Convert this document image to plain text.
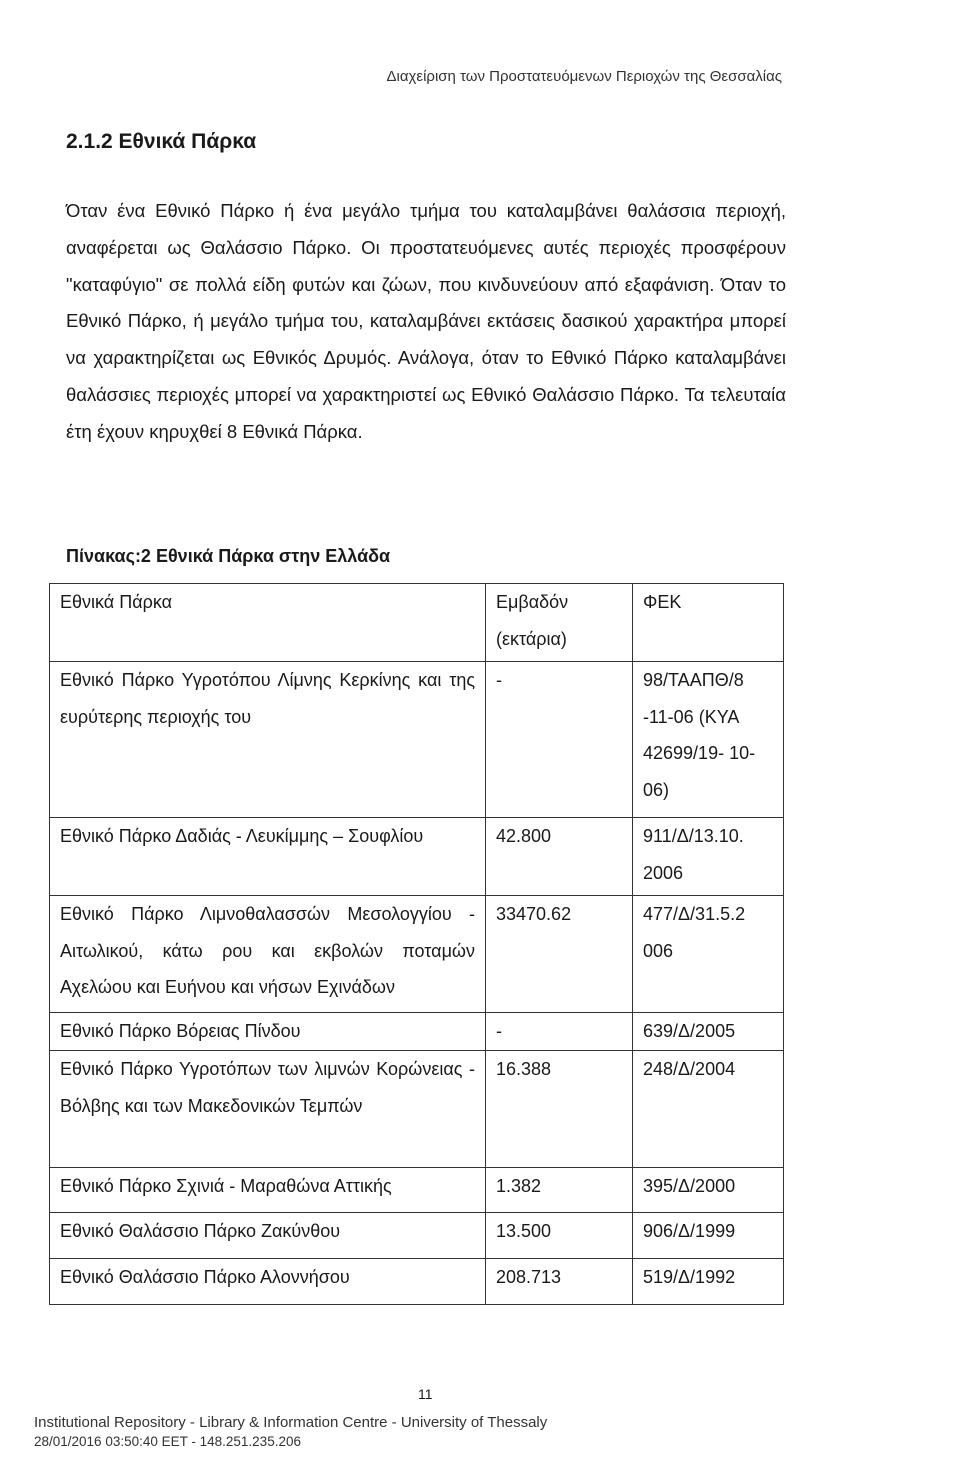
Διαχείριση των Προστατευόμενων Περιοχών της Θεσσαλίας
2.1.2 Εθνικά Πάρκα

Όταν ένα Εθνικό Πάρκο ή ένα μεγάλο τμήμα του καταλαμβάνει θαλάσσια περιοχή, αναφέρεται ως Θαλάσσιο Πάρκο. Οι προστατευόμενες αυτές περιοχές προσφέρουν "καταφύγιο" σε πολλά είδη φυτών και ζώων, που κινδυνεύουν από εξαφάνιση. Όταν το Εθνικό Πάρκο, ή μεγάλο τμήμα του, καταλαμβάνει εκτάσεις δασικού χαρακτήρα μπορεί να χαρακτηρίζεται ως Εθνικός Δρυμός. Ανάλογα, όταν το Εθνικό Πάρκο καταλαμβάνει θαλάσσιες περιοχές μπορεί να χαρακτηριστεί ως Εθνικό Θαλάσσιο Πάρκο. Τα τελευταία έτη έχουν κηρυχθεί 8 Εθνικά Πάρκα.

Πίνακας:2 Εθνικά Πάρκα στην Ελλάδα
Εθνικά Πάρκα	Εμβαδόν (εκτάρια)	ΦΕΚ
Εθνικό Πάρκο Υγροτόπου Λίμνης Κερκίνης και της ευρύτερης περιοχής του	-	98/ΤΑΑΠΘ/8 -11-06 (ΚΥΑ 42699/19- 10-06)
Εθνικό Πάρκο Δαδιάς - Λευκίμμης – Σουφλίου	42.800	911/Δ/13.10. 2006
Εθνικό Πάρκο Λιμνοθαλασσών Μεσολογγίου - Αιτωλικού, κάτω ρου και εκβολών ποταμών Αχελώου και Ευήνου και νήσων Εχινάδων	33470.62	477/Δ/31.5.2 006
Εθνικό Πάρκο Βόρειας Πίνδου	-	639/Δ/2005
Εθνικό Πάρκο Υγροτόπων των λιμνών Κορώνειας - Βόλβης και των Μακεδονικών Τεμπών	16.388	248/Δ/2004
Εθνικό Πάρκο Σχινιά - Μαραθώνα Αττικής	1.382	395/Δ/2000
Εθνικό Θαλάσσιο Πάρκο Ζακύνθου	13.500	906/Δ/1999
Εθνικό Θαλάσσιο Πάρκο Αλοννήσου	208.713	519/Δ/1992
11
Institutional Repository - Library & Information Centre - University of Thessaly
28/01/2016 03:50:40 EET - 148.251.235.206
